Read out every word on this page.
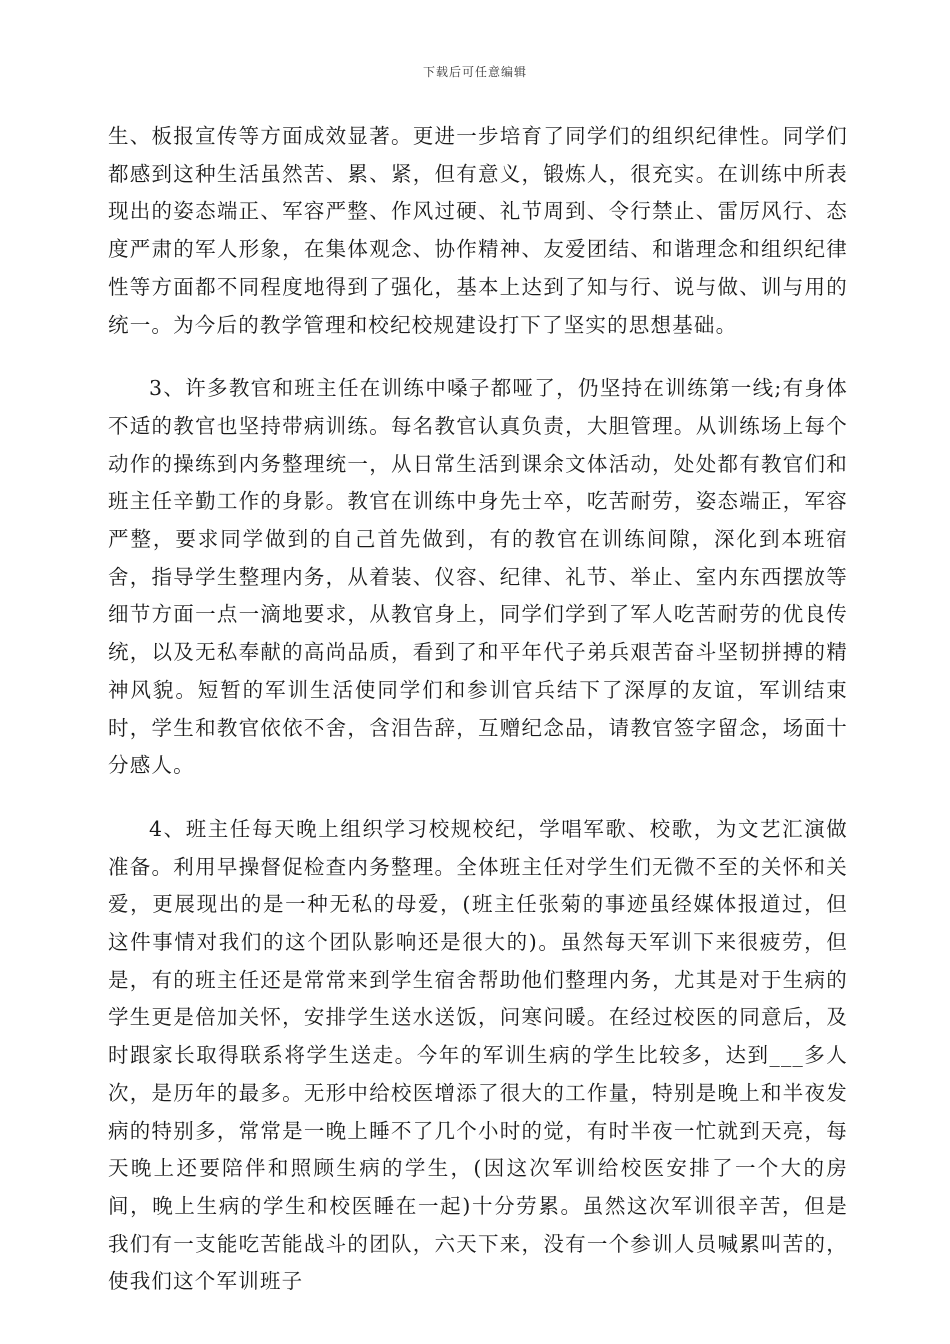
下载后可任意编辑

生、板报宣传等方面成效显著。更进一步培育了同学们的组织纪律性。同学们都感到这种生活虽然苦、累、紧，但有意义，锻炼人，很充实。在训练中所表现出的姿态端正、军容严整、作风过硬、礼节周到、令行禁止、雷厉风行、态度严肃的军人形象，在集体观念、协作精神、友爱团结、和谐理念和组织纪律性等方面都不同程度地得到了强化，基本上达到了知与行、说与做、训与用的统一。为今后的教学管理和校纪校规建设打下了坚实的思想基础。

3、许多教官和班主任在训练中嗓子都哑了，仍坚持在训练第一线;有身体不适的教官也坚持带病训练。每名教官认真负责，大胆管理。从训练场上每个动作的操练到内务整理统一，从日常生活到课余文体活动，处处都有教官们和班主任辛勤工作的身影。教官在训练中身先士卒，吃苦耐劳，姿态端正，军容严整，要求同学做到的自己首先做到，有的教官在训练间隙，深化到本班宿舍，指导学生整理内务，从着装、仪容、纪律、礼节、举止、室内东西摆放等细节方面一点一滴地要求，从教官身上，同学们学到了军人吃苦耐劳的优良传统，以及无私奉献的高尚品质，看到了和平年代子弟兵艰苦奋斗坚韧拼搏的精神风貌。短暂的军训生活使同学们和参训官兵结下了深厚的友谊，军训结束时，学生和教官依依不舍，含泪告辞，互赠纪念品，请教官签字留念，场面十分感人。

4、班主任每天晚上组织学习校规校纪，学唱军歌、校歌，为文艺汇演做准备。利用早操督促检查内务整理。全体班主任对学生们无微不至的关怀和关爱，更展现出的是一种无私的母爱，(班主任张菊的事迹虽经媒体报道过，但这件事情对我们的这个团队影响还是很大的)。虽然每天军训下来很疲劳，但是，有的班主任还是常常来到学生宿舍帮助他们整理内务，尤其是对于生病的学生更是倍加关怀，安排学生送水送饭，问寒问暖。在经过校医的同意后，及时跟家长取得联系将学生送走。今年的军训生病的学生比较多，达到___多人次，是历年的最多。无形中给校医增添了很大的工作量，特别是晚上和半夜发病的特别多，常常是一晚上睡不了几个小时的觉，有时半夜一忙就到天亮，每天晚上还要陪伴和照顾生病的学生，(因这次军训给校医安排了一个大的房间，晚上生病的学生和校医睡在一起)十分劳累。虽然这次军训很辛苦，但是我们有一支能吃苦能战斗的团队，六天下来，没有一个参训人员喊累叫苦的，使我们这个军训班子
